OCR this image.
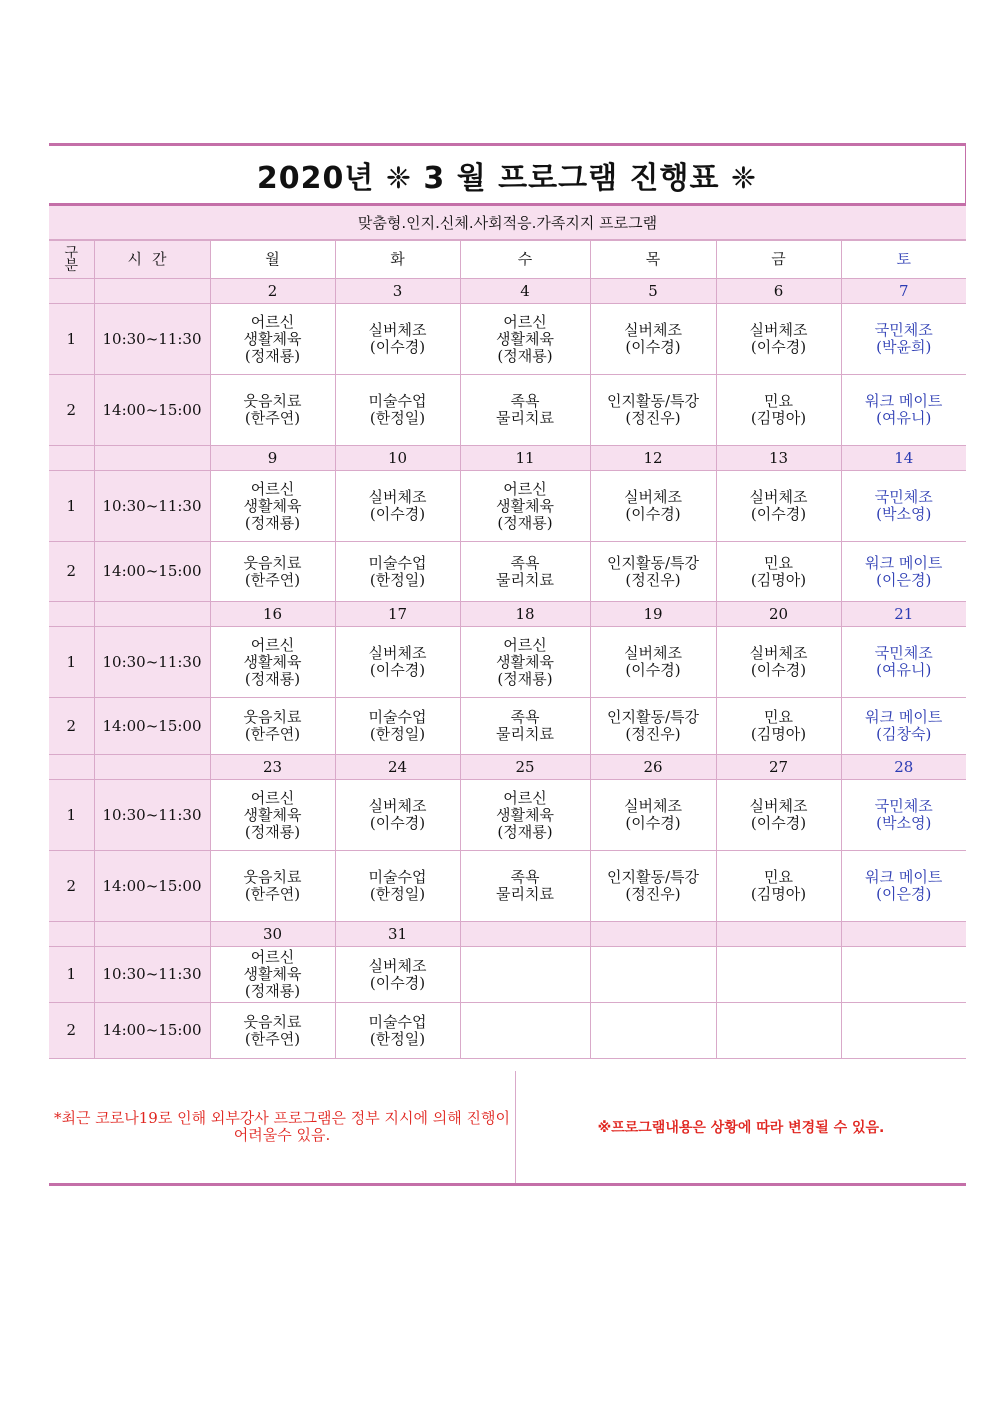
2020년 ❈ 3 월 프로그램 진행표 ❈
맞춤형.인지.신체.사회적응.가족지지 프로그램
구분	시간	월	화	수	목	금	토
		2	3	4	5	6	7
1	10:30~11:30	어르신
생활체육
(정재룡)	실버체조
(이수경)	어르신
생활체육
(정재룡)	실버체조
(이수경)	실버체조
(이수경)	국민체조
(박윤희)

2	14:00~15:00	웃음치료
(한주연)	미술수업
(한정일)	족욕
물리치료	인지활동/특강
(정진우)	민요
(김명아)	워크 메이트
(여유니)

		9	10	11	12	13	14
1	10:30~11:30	어르신
생활체육
(정재룡)	실버체조
(이수경)	어르신
생활체육
(정재룡)	실버체조
(이수경)	실버체조
(이수경)	국민체조
(박소영)

2	14:00~15:00	웃음치료
(한주연)	미술수업
(한정일)	족욕
물리치료	인지활동/특강
(정진우)	민요
(김명아)	워크 메이트
(이은경)

		16	17	18	19	20	21
1	10:30~11:30	어르신
생활체육
(정재룡)	실버체조
(이수경)	어르신
생활체육
(정재룡)	실버체조
(이수경)	실버체조
(이수경)	국민체조
(여유니)

2	14:00~15:00	웃음치료
(한주연)	미술수업
(한정일)	족욕
물리치료	인지활동/특강
(정진우)	민요
(김명아)	워크 메이트
(김창숙)

		23	24	25	26	27	28
1	10:30~11:30	어르신
생활체육
(정재룡)	실버체조
(이수경)	어르신
생활체육
(정재룡)	실버체조
(이수경)	실버체조
(이수경)	국민체조
(박소영)

2	14:00~15:00	웃음치료
(한주연)	미술수업
(한정일)	족욕
물리치료	인지활동/특강
(정진우)	민요
(김명아)	워크 메이트
(이은경)

		30	31				
1	10:30~11:30	어르신
생활체육
(정재룡)	실버체조
(이수경)				

2	14:00~15:00	웃음치료
(한주연)	미술수업
(한정일)				

*최근 코로나19로 인해 외부강사 프로그램은 정부 지시에 의해 진행이 어려울수 있음.	※프로그램내용은 상황에 따라 변경될 수 있음.
